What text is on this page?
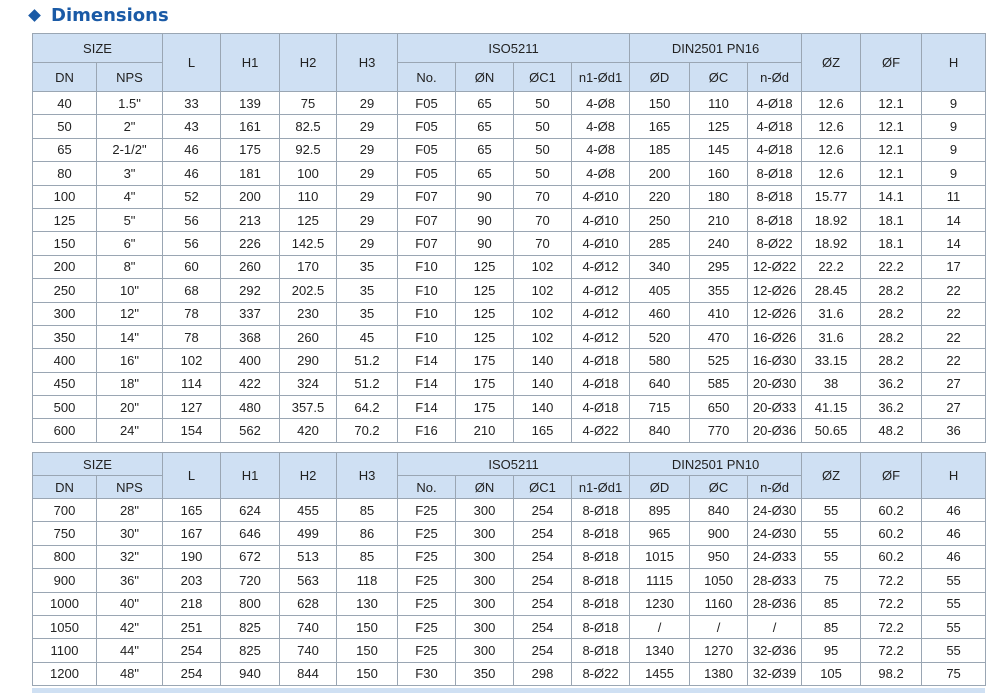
Dimensions
SIZE		L	H1	H2	H3	ISO5211				DIN2501 PN16			ØZ	ØF	H
DN	NPS					No.	ØN	ØC1	n1-Ød1	ØD	ØC	n-Ød			
40	1.5"	33	139	75	29	F05	65	50	4-Ø8	150	110	4-Ø18	12.6	12.1	9
50	2"	43	161	82.5	29	F05	65	50	4-Ø8	165	125	4-Ø18	12.6	12.1	9
65	2-1/2"	46	175	92.5	29	F05	65	50	4-Ø8	185	145	4-Ø18	12.6	12.1	9
80	3"	46	181	100	29	F05	65	50	4-Ø8	200	160	8-Ø18	12.6	12.1	9
100	4"	52	200	110	29	F07	90	70	4-Ø10	220	180	8-Ø18	15.77	14.1	11
125	5"	56	213	125	29	F07	90	70	4-Ø10	250	210	8-Ø18	18.92	18.1	14
150	6"	56	226	142.5	29	F07	90	70	4-Ø10	285	240	8-Ø22	18.92	18.1	14
200	8"	60	260	170	35	F10	125	102	4-Ø12	340	295	12-Ø22	22.2	22.2	17
250	10"	68	292	202.5	35	F10	125	102	4-Ø12	405	355	12-Ø26	28.45	28.2	22
300	12"	78	337	230	35	F10	125	102	4-Ø12	460	410	12-Ø26	31.6	28.2	22
350	14"	78	368	260	45	F10	125	102	4-Ø12	520	470	16-Ø26	31.6	28.2	22
400	16"	102	400	290	51.2	F14	175	140	4-Ø18	580	525	16-Ø30	33.15	28.2	22
450	18"	114	422	324	51.2	F14	175	140	4-Ø18	640	585	20-Ø30	38	36.2	27
500	20"	127	480	357.5	64.2	F14	175	140	4-Ø18	715	650	20-Ø33	41.15	36.2	27
600	24"	154	562	420	70.2	F16	210	165	4-Ø22	840	770	20-Ø36	50.65	48.2	36
SIZE		L	H1	H2	H3	ISO5211				DIN2501 PN10			ØZ	ØF	H
DN	NPS					No.	ØN	ØC1	n1-Ød1	ØD	ØC	n-Ød			
700	28"	165	624	455	85	F25	300	254	8-Ø18	895	840	24-Ø30	55	60.2	46
750	30"	167	646	499	86	F25	300	254	8-Ø18	965	900	24-Ø30	55	60.2	46
800	32"	190	672	513	85	F25	300	254	8-Ø18	1015	950	24-Ø33	55	60.2	46
900	36"	203	720	563	118	F25	300	254	8-Ø18	1115	1050	28-Ø33	75	72.2	55
1000	40"	218	800	628	130	F25	300	254	8-Ø18	1230	1160	28-Ø36	85	72.2	55
1050	42"	251	825	740	150	F25	300	254	8-Ø18	/	/	/	85	72.2	55
1100	44"	254	825	740	150	F25	300	254	8-Ø18	1340	1270	32-Ø36	95	72.2	55
1200	48"	254	940	844	150	F30	350	298	8-Ø22	1455	1380	32-Ø39	105	98.2	75
